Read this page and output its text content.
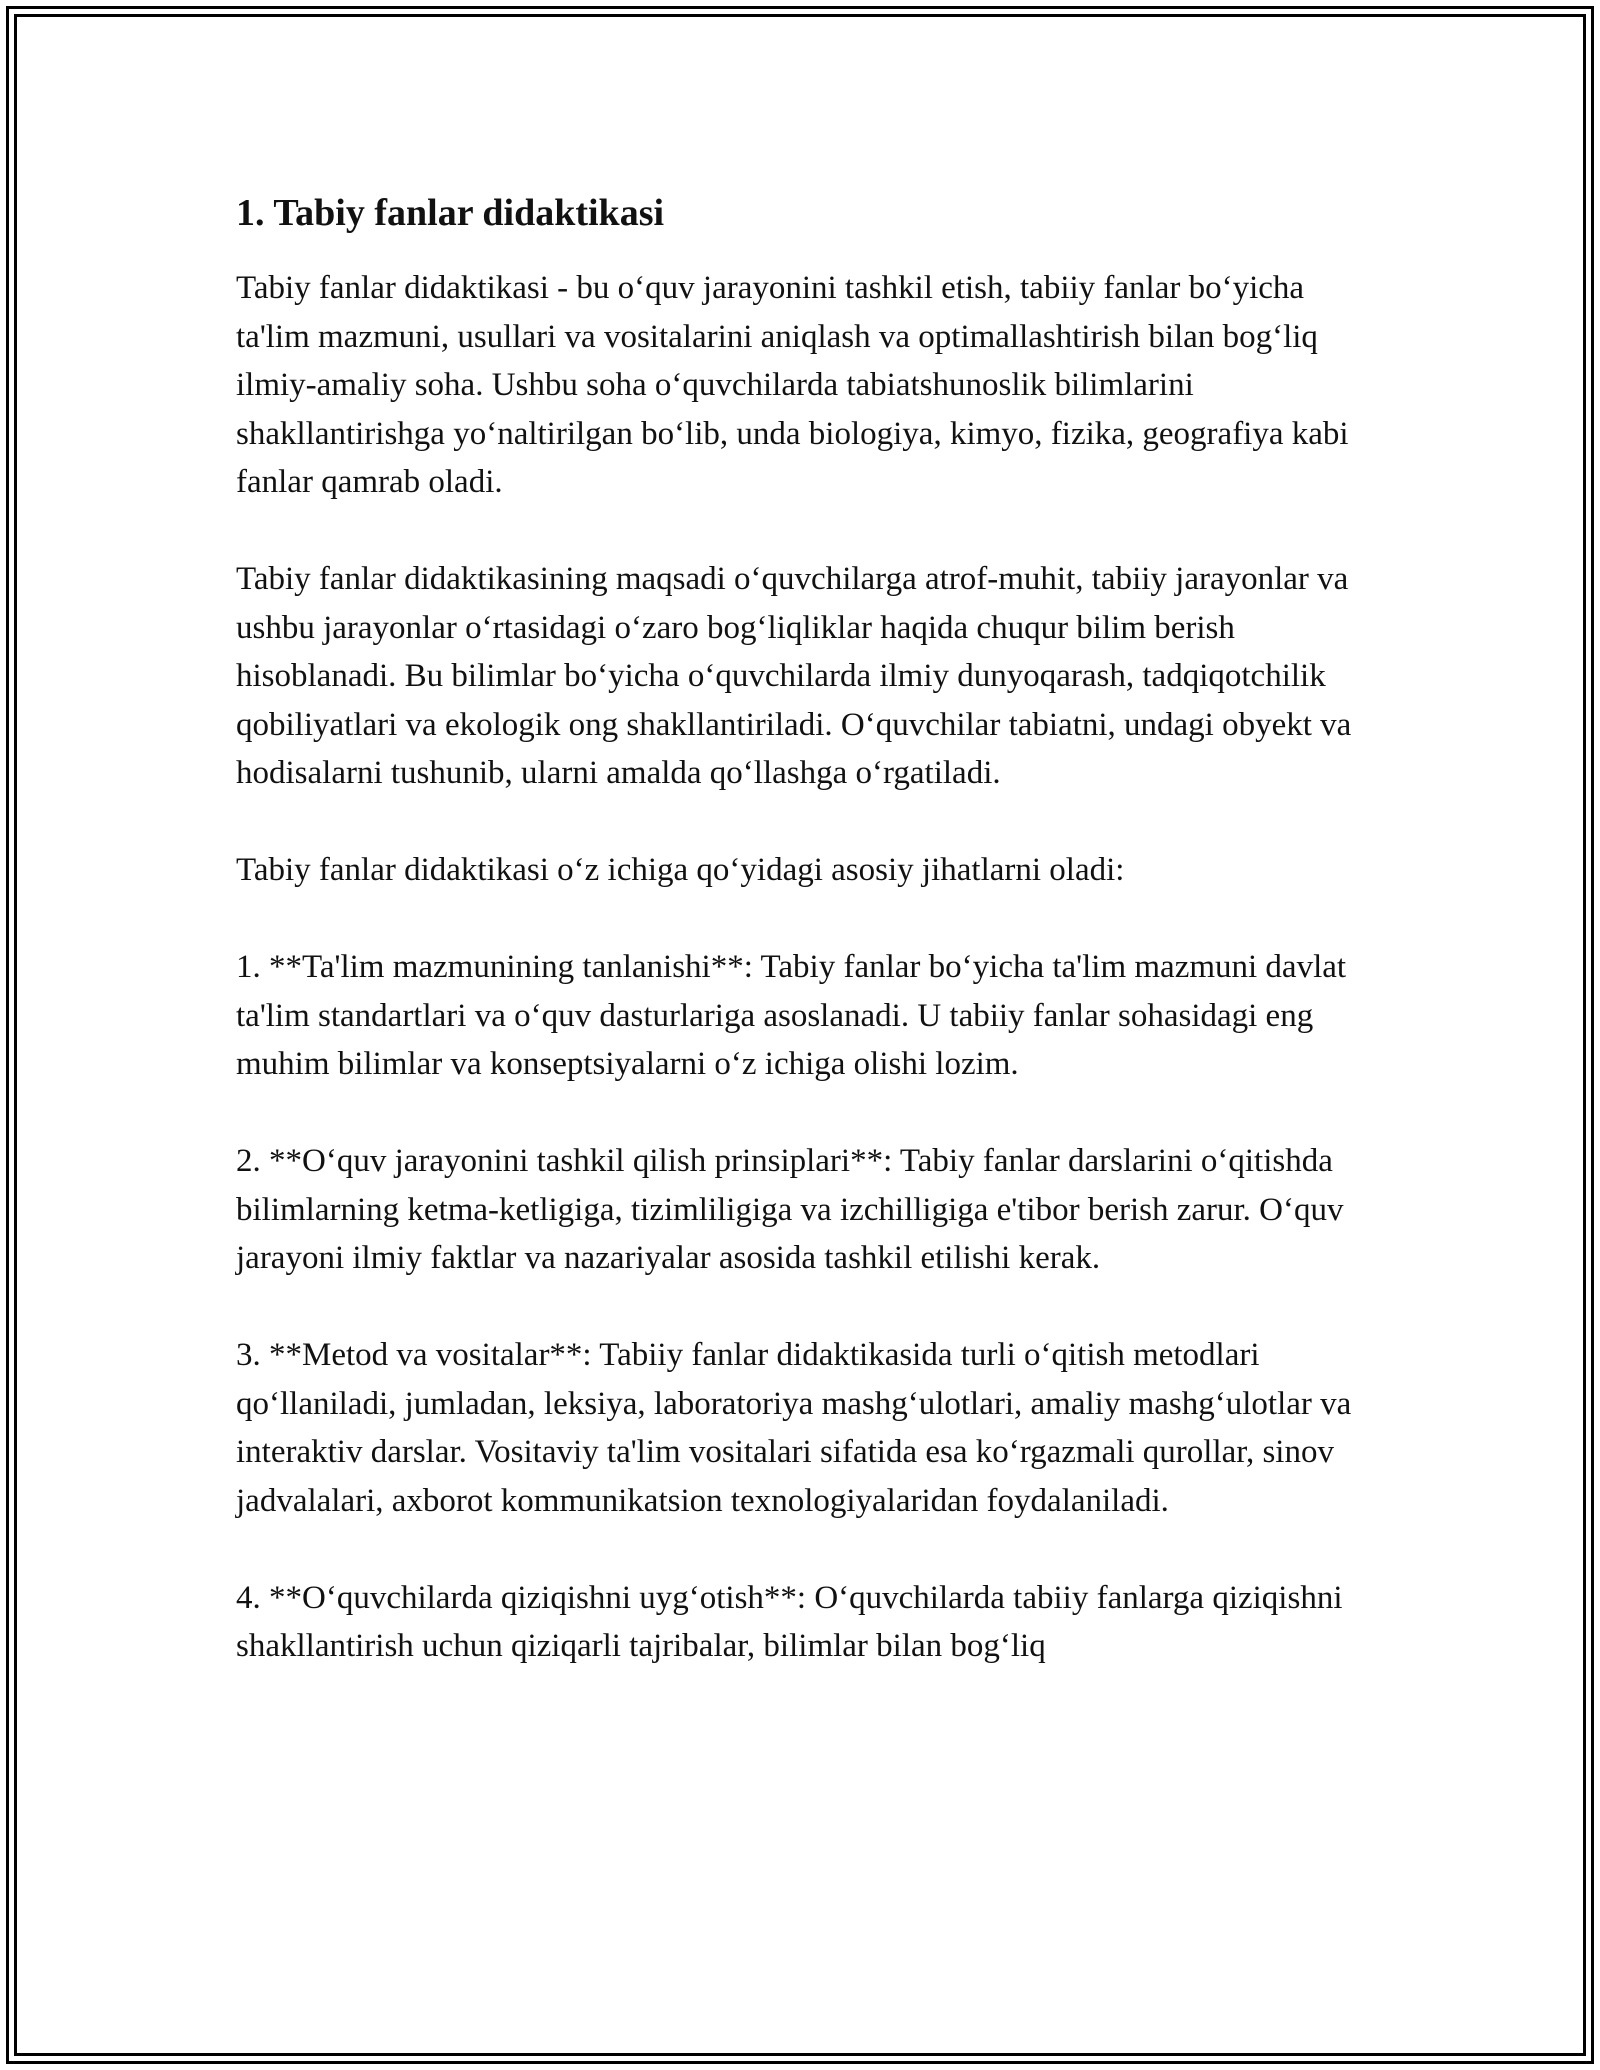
1. Tabiy fanlar didaktikasi

Tabiy fanlar didaktikasi - bu o‘quv jarayonini tashkil etish, tabiiy fanlar bo‘yicha ta'lim mazmuni, usullari va vositalarini aniqlash va optimallashtirish bilan bog‘liq ilmiy-amaliy soha. Ushbu soha o‘quvchilarda tabiatshunoslik bilimlarini shakllantirishga yo‘naltirilgan bo‘lib, unda biologiya, kimyo, fizika, geografiya kabi fanlar qamrab oladi.

Tabiy fanlar didaktikasining maqsadi o‘quvchilarga atrof-muhit, tabiiy jarayonlar va ushbu jarayonlar o‘rtasidagi o‘zaro bog‘liqliklar haqida chuqur bilim berish hisoblanadi. Bu bilimlar bo‘yicha o‘quvchilarda ilmiy dunyoqarash, tadqiqotchilik qobiliyatlari va ekologik ong shakllantiriladi. O‘quvchilar tabiatni, undagi obyekt va hodisalarni tushunib, ularni amalda qo‘llashga o‘rgatiladi.

Tabiy fanlar didaktikasi o‘z ichiga qo‘yidagi asosiy jihatlarni oladi:

1. **Ta'lim mazmunining tanlanishi**: Tabiy fanlar bo‘yicha ta'lim mazmuni davlat ta'lim standartlari va o‘quv dasturlariga asoslanadi. U tabiiy fanlar sohasidagi eng muhim bilimlar va konseptsiyalarni o‘z ichiga olishi lozim.

2. **O‘quv jarayonini tashkil qilish prinsiplari**: Tabiy fanlar darslarini o‘qitishda bilimlarning ketma-ketligiga, tizimliligiga va izchilligiga e'tibor berish zarur. O‘quv jarayoni ilmiy faktlar va nazariyalar asosida tashkil etilishi kerak.

3. **Metod va vositalar**: Tabiiy fanlar didaktikasida turli o‘qitish metodlari qo‘llaniladi, jumladan, leksiya, laboratoriya mashg‘ulotlari, amaliy mashg‘ulotlar va interaktiv darslar. Vositaviy ta'lim vositalari sifatida esa ko‘rgazmali qurollar, sinov jadvalalari, axborot kommunikatsion texnologiyalaridan foydalaniladi.

4. **O‘quvchilarda qiziqishni uyg‘otish**: O‘quvchilarda tabiiy fanlarga qiziqishni shakllantirish uchun qiziqarli tajribalar, bilimlar bilan bog‘liq
